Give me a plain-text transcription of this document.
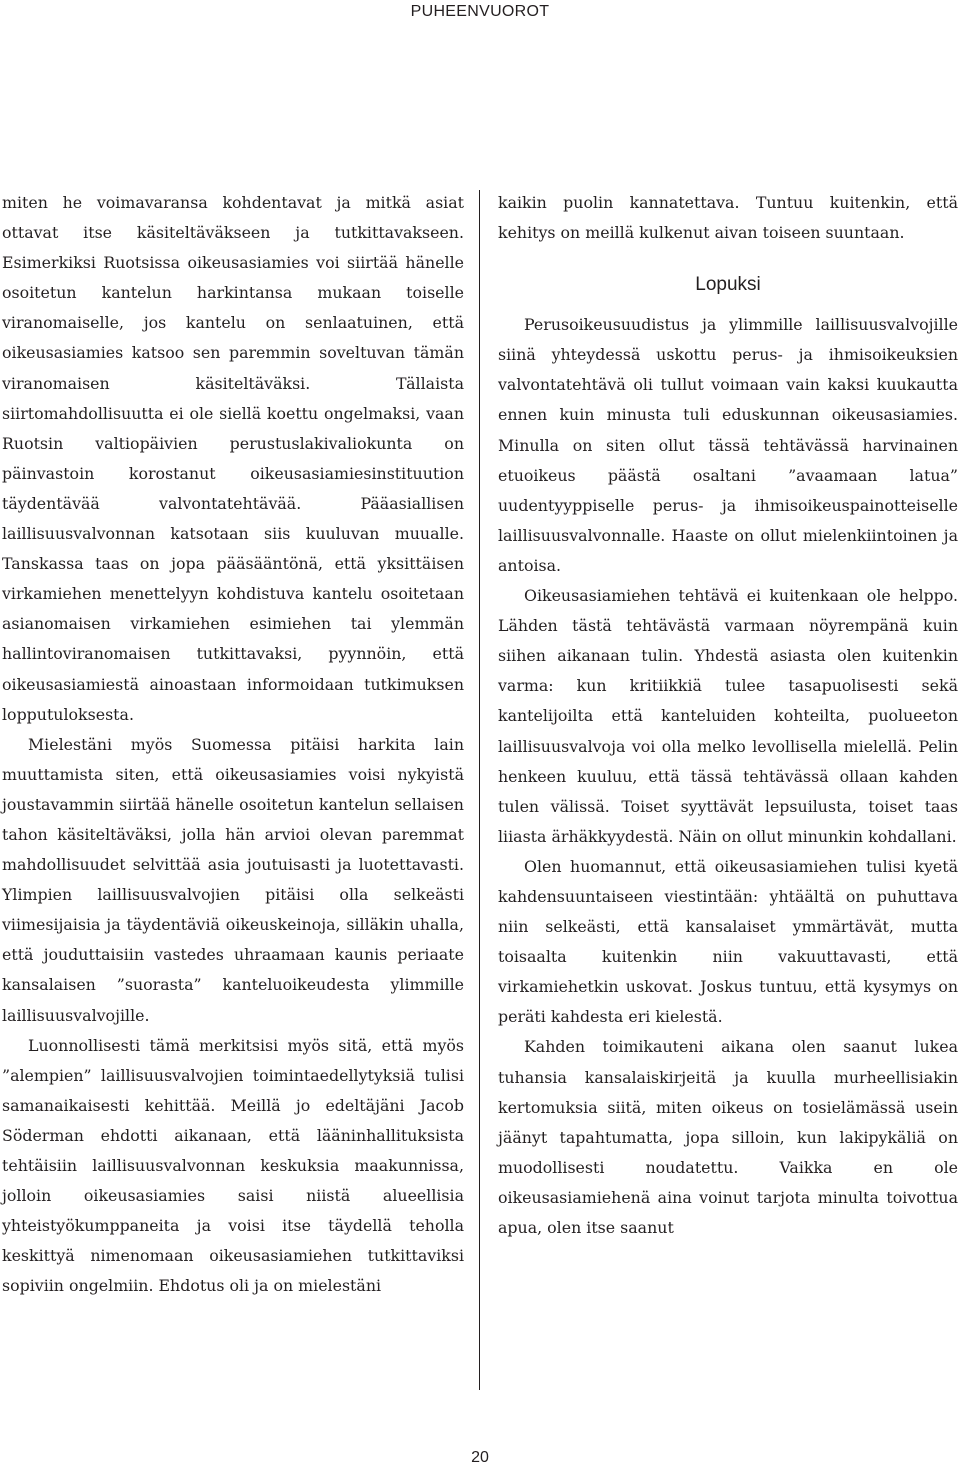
PUHEENVUOROT

miten he voimavaransa kohdentavat ja mitkä asiat ottavat itse käsiteltäväkseen ja tutkittavakseen. Esimerkiksi Ruotsissa oikeusasiamies voi siirtää hänelle osoitetun kantelun harkintansa mukaan toiselle viranomaiselle, jos kantelu on senlaatuinen, että oikeusasiamies katsoo sen paremmin soveltuvan tämän viranomaisen käsiteltäväksi. Tällaista siirtomahdollisuutta ei ole siellä koettu ongelmaksi, vaan Ruotsin valtiopäivien perustuslakivaliokunta on päinvastoin korostanut oikeusasiamiesinstituution täydentävää valvontatehtävää. Pääasiallisen laillisuusvalvonnan katsotaan siis kuuluvan muualle. Tanskassa taas on jopa pääsääntönä, että yksittäisen virkamiehen menettelyyn kohdistuva kantelu osoitetaan asianomaisen virkamiehen esimiehen tai ylemmän hallintoviranomaisen tutkittavaksi, pyynnöin, että oikeusasiamiestä ainoastaan informoidaan tutkimuksen lopputuloksesta.

Mielestäni myös Suomessa pitäisi harkita lain muuttamista siten, että oikeusasiamies voisi nykyistä joustavammin siirtää hänelle osoitetun kantelun sellaisen tahon käsiteltäväksi, jolla hän arvioi olevan paremmat mahdollisuudet selvittää asia joutuisasti ja luotettavasti. Ylimpien laillisuusvalvojien pitäisi olla selkeästi viimesijaisia ja täydentäviä oikeuskeinoja, silläkin uhalla, että jouduttaisiin vastedes uhraamaan kaunis periaate kansalaisen ”suorasta” kanteluoikeudesta ylimmille laillisuusvalvojille.

Luonnollisesti tämä merkitsisi myös sitä, että myös ”alempien” laillisuusvalvojien toimintaedellytyksiä tulisi samanaikaisesti kehittää. Meillä jo edeltäjäni Jacob Söderman ehdotti aikanaan, että lääninhallituksista tehtäisiin laillisuusvalvonnan keskuksia maakunnissa, jolloin oikeusasiamies saisi niistä alueellisia yhteistyökumppaneita ja voisi itse täydellä teholla keskittyä nimenomaan oikeusasiamiehen tutkittaviksi sopiviin ongelmiin. Ehdotus oli ja on mielestäni

kaikin puolin kannatettava. Tuntuu kuitenkin, että kehitys on meillä kulkenut aivan toiseen suuntaan.

Lopuksi

Perusoikeusuudistus ja ylimmille laillisuusvalvojille siinä yhteydessä uskottu perus- ja ihmisoikeuksien valvontatehtävä oli tullut voimaan vain kaksi kuukautta ennen kuin minusta tuli eduskunnan oikeusasiamies. Minulla on siten ollut tässä tehtävässä harvinainen etuoikeus päästä osaltani ”avaamaan latua” uudentyyppiselle perus- ja ihmisoikeuspainotteiselle laillisuusvalvonnalle. Haaste on ollut mielenkiintoinen ja antoisa.

Oikeusasiamiehen tehtävä ei kuitenkaan ole helppo. Lähden tästä tehtävästä varmaan nöyrempänä kuin siihen aikanaan tulin. Yhdestä asiasta olen kuitenkin varma: kun kritiikkiä tulee tasapuolisesti sekä kantelijoilta että kanteluiden kohteilta, puolueeton laillisuusvalvoja voi olla melko levollisella mielellä. Pelin henkeen kuuluu, että tässä tehtävässä ollaan kahden tulen välissä. Toiset syyttävät lepsuilusta, toiset taas liiasta ärhäkkyydestä. Näin on ollut minunkin kohdallani.

Olen huomannut, että oikeusasiamiehen tulisi kyetä kahdensuuntaiseen viestintään: yhtäältä on puhuttava niin selkeästi, että kansalaiset ymmärtävät, mutta toisaalta kuitenkin niin vakuuttavasti, että virkamiehetkin uskovat. Joskus tuntuu, että kysymys on peräti kahdesta eri kielestä.

Kahden toimikauteni aikana olen saanut lukea tuhansia kansalaiskirjeitä ja kuulla murheellisiakin kertomuksia siitä, miten oikeus on tosielämässä usein jäänyt tapahtumatta, jopa silloin, kun lakipykäliä on muodollisesti noudatettu. Vaikka en ole oikeusasiamiehenä aina voinut tarjota minulta toivottua apua, olen itse saanut

20
